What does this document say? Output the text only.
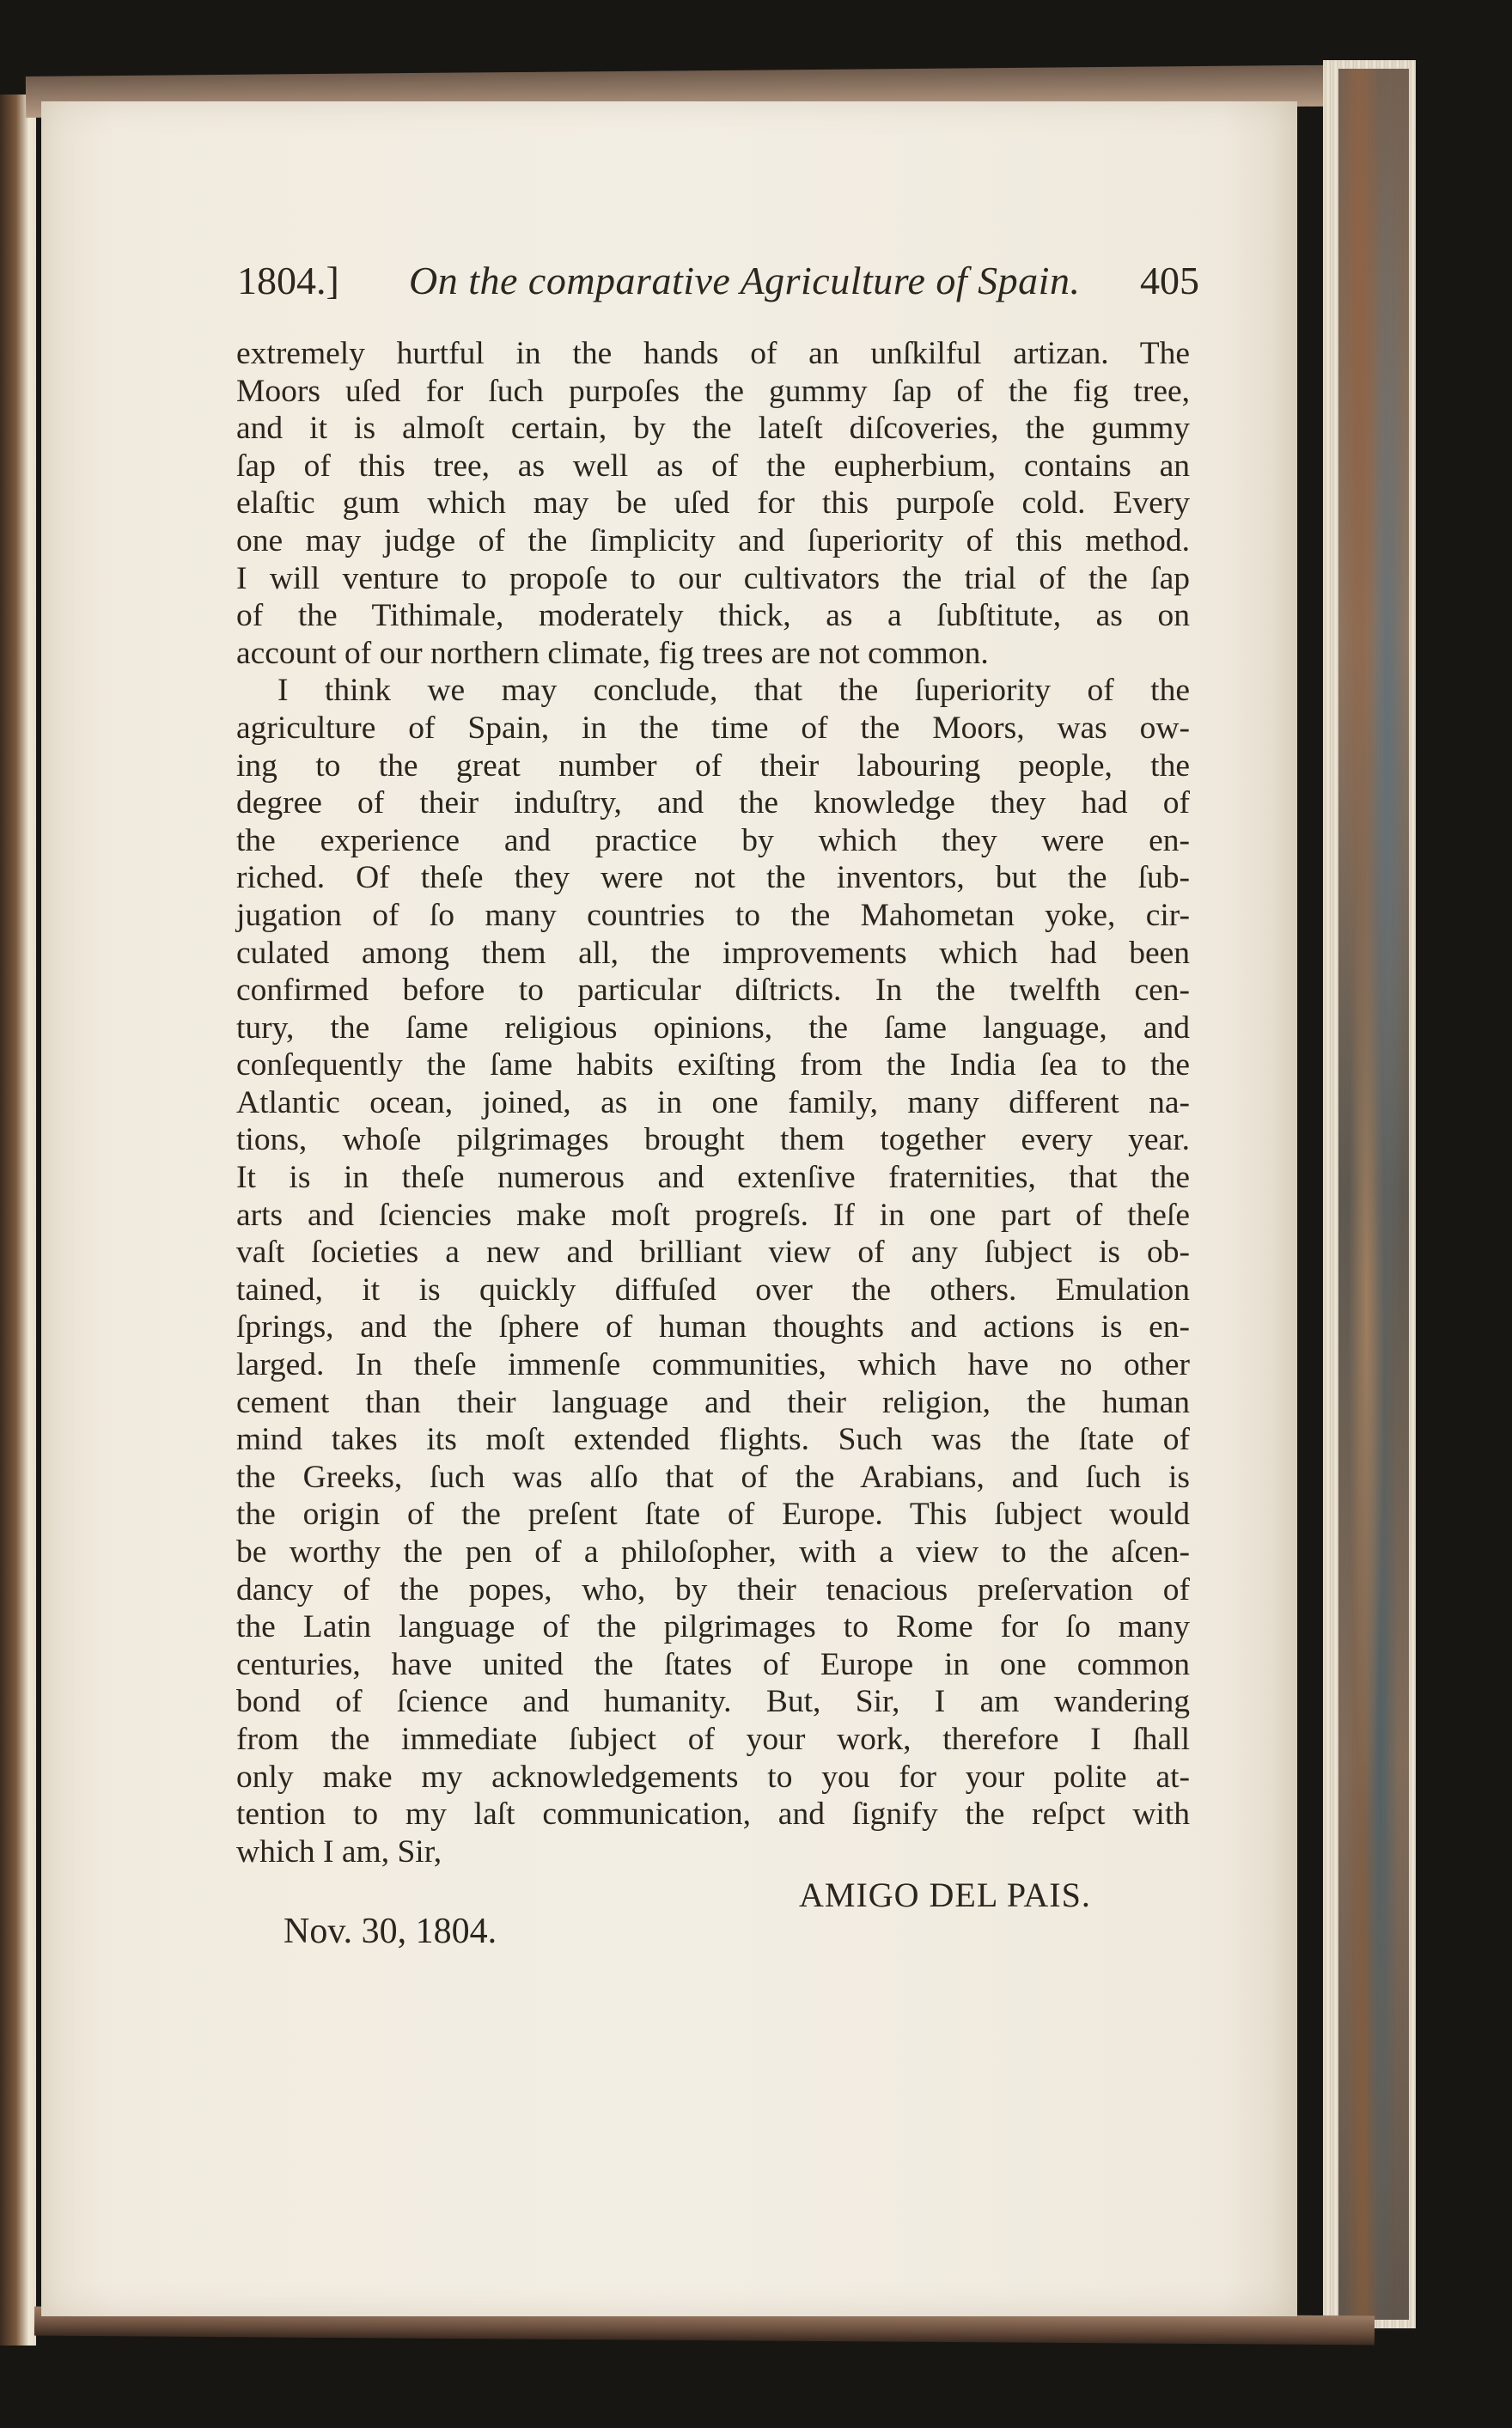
1804.] On the comparative Agriculture of Spain. 405
extremely hurtful in the hands of an unſkilful artizan. The
Moors uſed for ſuch purpoſes the gummy ſap of the fig tree,
and it is almoſt certain, by the lateſt diſcoveries, the gummy
ſap of this tree, as well as of the eupherbium, contains an
elaſtic gum which may be uſed for this purpoſe cold. Every
one may judge of the ſimplicity and ſuperiority of this method.
I will venture to propoſe to our cultivators the trial of the ſap
of the Tithimale, moderately thick, as a ſubſtitute, as on
account of our northern climate, fig trees are not common.
I think we may conclude, that the ſuperiority of the
agriculture of Spain, in the time of the Moors, was ow-
ing to the great number of their labouring people, the
degree of their induſtry, and the knowledge they had of
the experience and practice by which they were en-
riched. Of theſe they were not the inventors, but the ſub-
jugation of ſo many countries to the Mahometan yoke, cir-
culated among them all, the improvements which had been
confirmed before to particular diſtricts. In the twelfth cen-
tury, the ſame religious opinions, the ſame language, and
conſequently the ſame habits exiſting from the India ſea to the
Atlantic ocean, joined, as in one family, many different na-
tions, whoſe pilgrimages brought them together every year.
It is in theſe numerous and extenſive fraternities, that the
arts and ſciencies make moſt progreſs. If in one part of theſe
vaſt ſocieties a new and brilliant view of any ſubject is ob-
tained, it is quickly diffuſed over the others. Emulation
ſprings, and the ſphere of human thoughts and actions is en-
larged. In theſe immenſe communities, which have no other
cement than their language and their religion, the human
mind takes its moſt extended flights. Such was the ſtate of
the Greeks, ſuch was alſo that of the Arabians, and ſuch is
the origin of the preſent ſtate of Europe. This ſubject would
be worthy the pen of a philoſopher, with a view to the aſcen-
dancy of the popes, who, by their tenacious preſervation of
the Latin language of the pilgrimages to Rome for ſo many
centuries, have united the ſtates of Europe in one common
bond of ſcience and humanity. But, Sir, I am wandering
from the immediate ſubject of your work, therefore I ſhall
only make my acknowledgements to you for your polite at-
tention to my laſt communication, and ſignify the reſpct with
which I am, Sir,
AMIGO DEL PAIS.
Nov. 30, 1804.
